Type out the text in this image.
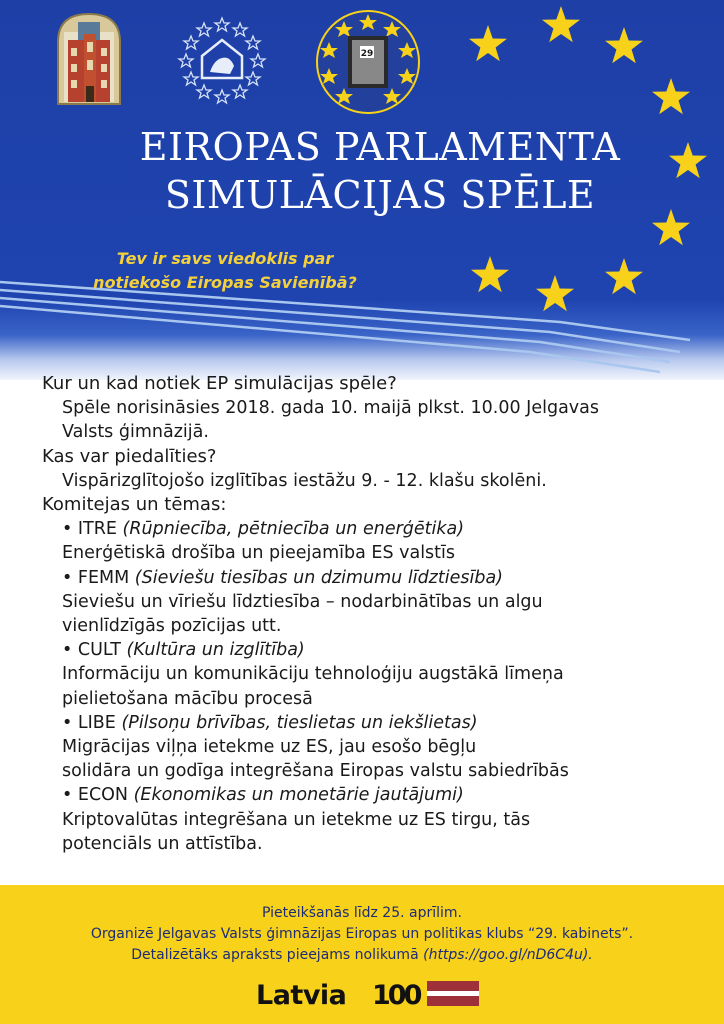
29
EIROPAS PARLAMENTA
SIMULĀCIJAS SPĒLE
Tev ir savs viedoklis par
notiekošo Eiropas Savienībā?

Kur un kad notiek EP simulācijas spēle?

Spēle norisināsies 2018. gada 10. maijā plkst. 10.00 Jelgavas

Valsts ģimnāzijā.

Kas var piedalīties?

Vispārizglītojošo izglītības iestāžu 9. - 12. klašu skolēni.

Komitejas un tēmas:

• ITRE (Rūpniecība, pētniecība un enerģētika)

Enerģētiskā drošība un pieejamība ES valstīs

• FEMM (Sieviešu tiesības un dzimumu līdztiesība)

Sieviešu un vīriešu līdztiesība – nodarbinātības un algu

vienlīdzīgās pozīcijas utt.

• CULT (Kultūra un izglītība)

Informāciju un komunikāciju tehnoloģiju augstākā līmeņa

pielietošana mācību procesā

• LIBE (Pilsoņu brīvības, tieslietas un iekšlietas)

Migrācijas viļņa ietekme uz ES, jau esošo bēgļu

solidāra un godīga integrēšana Eiropas valstu sabiedrībās

• ECON (Ekonomikas un monetārie jautājumi)

Kriptovalūtas integrēšana un ietekme uz ES tirgu, tās

potenciāls un attīstība.

Pieteikšanās līdz 25. aprīlim.
Organizē Jelgavas Valsts ģimnāzijas Eiropas un politikas klubs “29. kabinets”.
Detalizētāks apraksts pieejams nolikumā (https://goo.gl/nD6C4u).
Latvia 100
